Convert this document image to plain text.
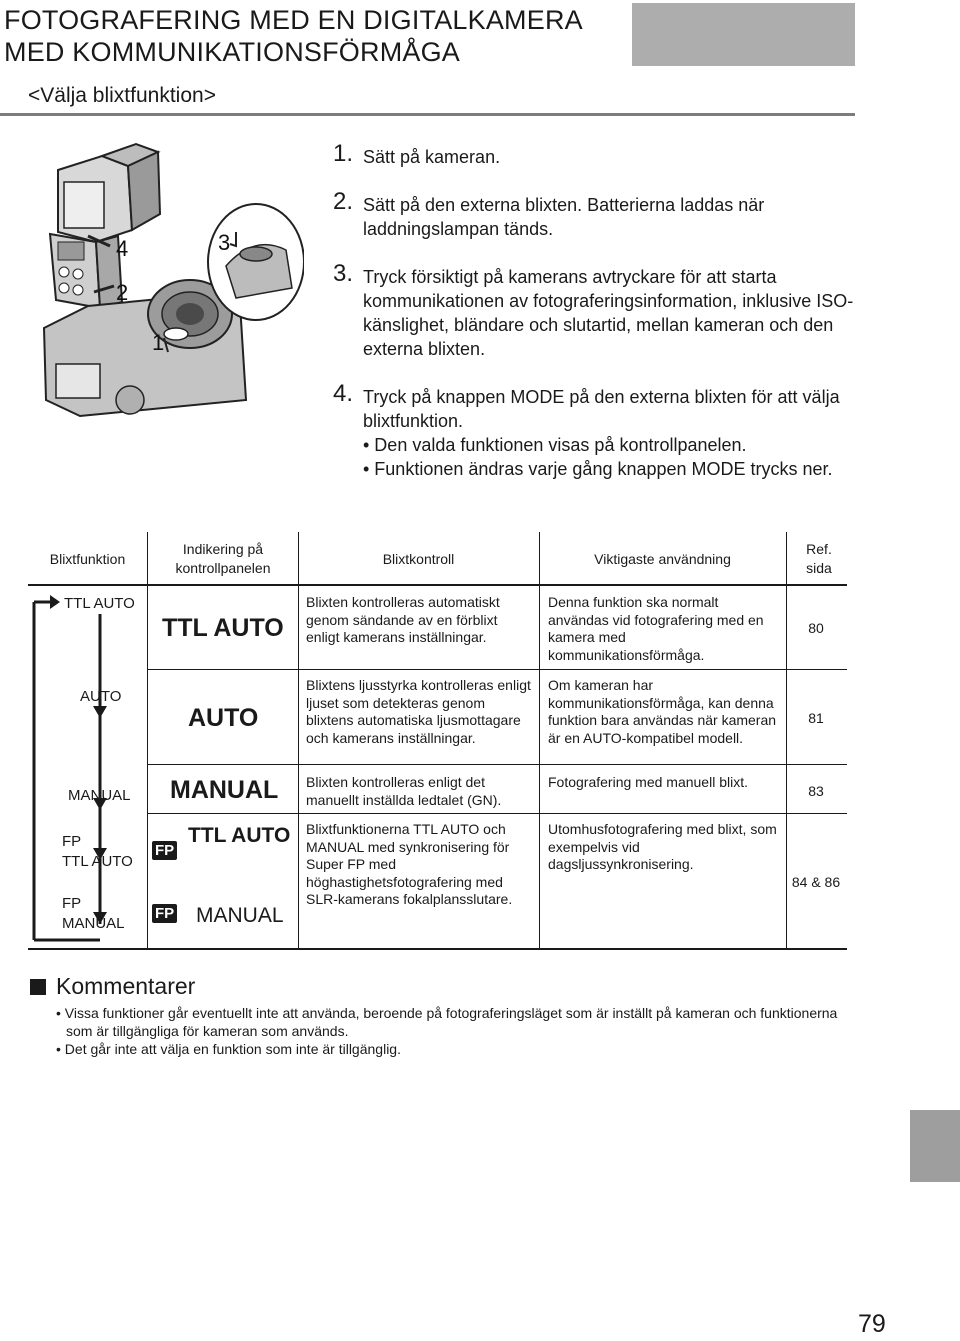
FOTOGRAFERING MED EN DIGITALKAMERA
MED KOMMUNIKATIONSFÖRMÅGA
<Välja blixtfunktion>
4
2
3
1
1. Sätt på kameran.
2. Sätt på den externa blixten. Batterierna laddas när laddningslampan tänds.
3. Tryck försiktigt på kamerans avtryckare för att starta kommunikationen av fotograferingsinformation, inklusive ISO-känslighet, bländare och slutartid, mellan kameran och den externa blixten.
4. Tryck på knappen MODE på den externa blixten för att välja blixtfunktion.
• Den valda funktionen visas på kontrollpanelen.
• Funktionen ändras varje gång knappen MODE trycks ner.
Blixtfunktion
Indikering på kontrollpanelen
Blixtkontroll	Viktigaste användning
Ref. sida
TTL AUTO
TTL AUTO
Blixten kontrolleras automatiskt genom sändande av en förblixt enligt kamerans inställningar.
Denna funktion ska normalt användas vid fotografering med en kamera med kommunikationsförmåga.
80
AUTO
AUTO
Blixtens ljusstyrka kontrolleras enligt ljuset som detekteras genom blixtens automatiska ljusmottagare och kamerans inställningar.
Om kameran har kommunikationsförmåga, kan denna funktion bara användas när kameran är en AUTO-kompatibel modell.
81
MANUAL MANUAL Blixten kontrolleras enligt det manuellt inställda ledtalet (GN).
Fotografering med manuell blixt.
83
FP
TTL AUTO
FP
MANUAL
FP
TTL AUTO
FP MANUAL
Blixtfunktionerna TTL AUTO och MANUAL med synkronisering för Super FP med höghastighetsfotografering med SLR-kamerans fokalplansslutare.
Utomhusfotografering med blixt, som exempelvis vid dagsljussynkronisering.
84 & 86
Kommentarer
• Vissa funktioner går eventuellt inte att använda, beroende på fotograferingsläget som är inställt på kameran och funktionerna som är tillgängliga för kameran som används.
• Det går inte att välja en funktion som inte är tillgänglig.
79
